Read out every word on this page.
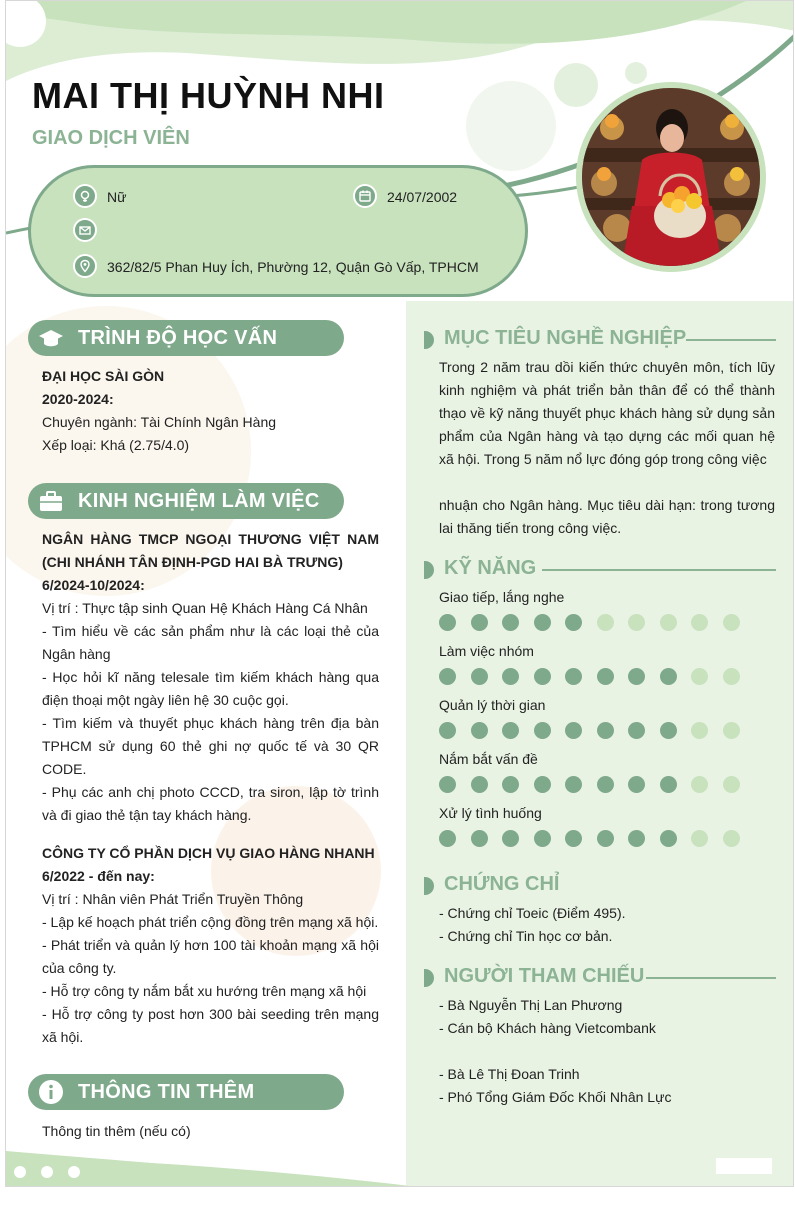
MAI THỊ HUỲNH NHI
GIAO DỊCH VIÊN
Nữ	24/07/2002
362/82/5 Phan Huy Ích, Phường 12, Quận Gò Vấp, TPHCM
TRÌNH ĐỘ HỌC VẤN
ĐẠI HỌC SÀI GÒN
2020-2024:
Chuyên ngành: Tài Chính Ngân Hàng
Xếp loại: Khá (2.75/4.0)
KINH NGHIỆM LÀM VIỆC
NGÂN HÀNG TMCP NGOẠI THƯƠNG VIỆT NAM (CHI NHÁNH TÂN ĐỊNH-PGD HAI BÀ TRƯNG)
6/2024-10/2024:
Vị trí : Thực tập sinh Quan Hệ Khách Hàng Cá Nhân
- Tìm hiểu về các sản phẩm như là các loại thẻ của Ngân hàng
- Học hỏi kĩ năng telesale tìm kiếm khách hàng qua điện thoại một ngày liên hệ 30 cuộc gọi.
- Tìm kiếm và thuyết phục khách hàng trên địa bàn TPHCM sử dụng 60 thẻ ghi nợ quốc tế và 30 QR CODE.
- Phụ các anh chị photo CCCD, tra siron, lập tờ trình và đi giao thẻ tận tay khách hàng.
CÔNG TY CỔ PHẦN DỊCH VỤ GIAO HÀNG NHANH
6/2022 - đến nay:
Vị trí : Nhân viên Phát Triển Truyền Thông
- Lập kế hoạch phát triển cộng đồng trên mạng xã hội.
- Phát triển và quản lý hơn 100 tài khoản mạng xã hội của công ty.
- Hỗ trợ công ty nắm bắt xu hướng trên mạng xã hội
- Hỗ trợ công ty post hơn 300 bài seeding trên mạng xã hội.
THÔNG TIN THÊM
Thông tin thêm (nếu có)
MỤC TIÊU NGHỀ NGHIỆP
Trong 2 năm trau dồi kiến thức chuyên môn, tích lũy kinh nghiệm và phát triển bản thân để có thể thành thạo về kỹ năng thuyết phục khách hàng sử dụng sản phẩm của Ngân hàng và tạo dựng các mối quan hệ xã hội. Trong 5 năm nổ lực đóng góp trong công việc
nhuận cho Ngân hàng. Mục tiêu dài hạn: trong tương lai thăng tiến trong công việc.
KỸ NĂNG
Giao tiếp, lắng nghe
Làm việc nhóm
Quản lý thời gian
Nắm bắt vấn đề
Xử lý tình huống
CHỨNG CHỈ
- Chứng chỉ Toeic (Điểm 495).
- Chứng chỉ Tin học cơ bản.
NGƯỜI THAM CHIẾU
- Bà Nguyễn Thị Lan Phương
- Cán bộ Khách hàng Vietcombank
- Bà Lê Thị Đoan Trinh
- Phó Tổng Giám Đốc Khối Nhân Lực
